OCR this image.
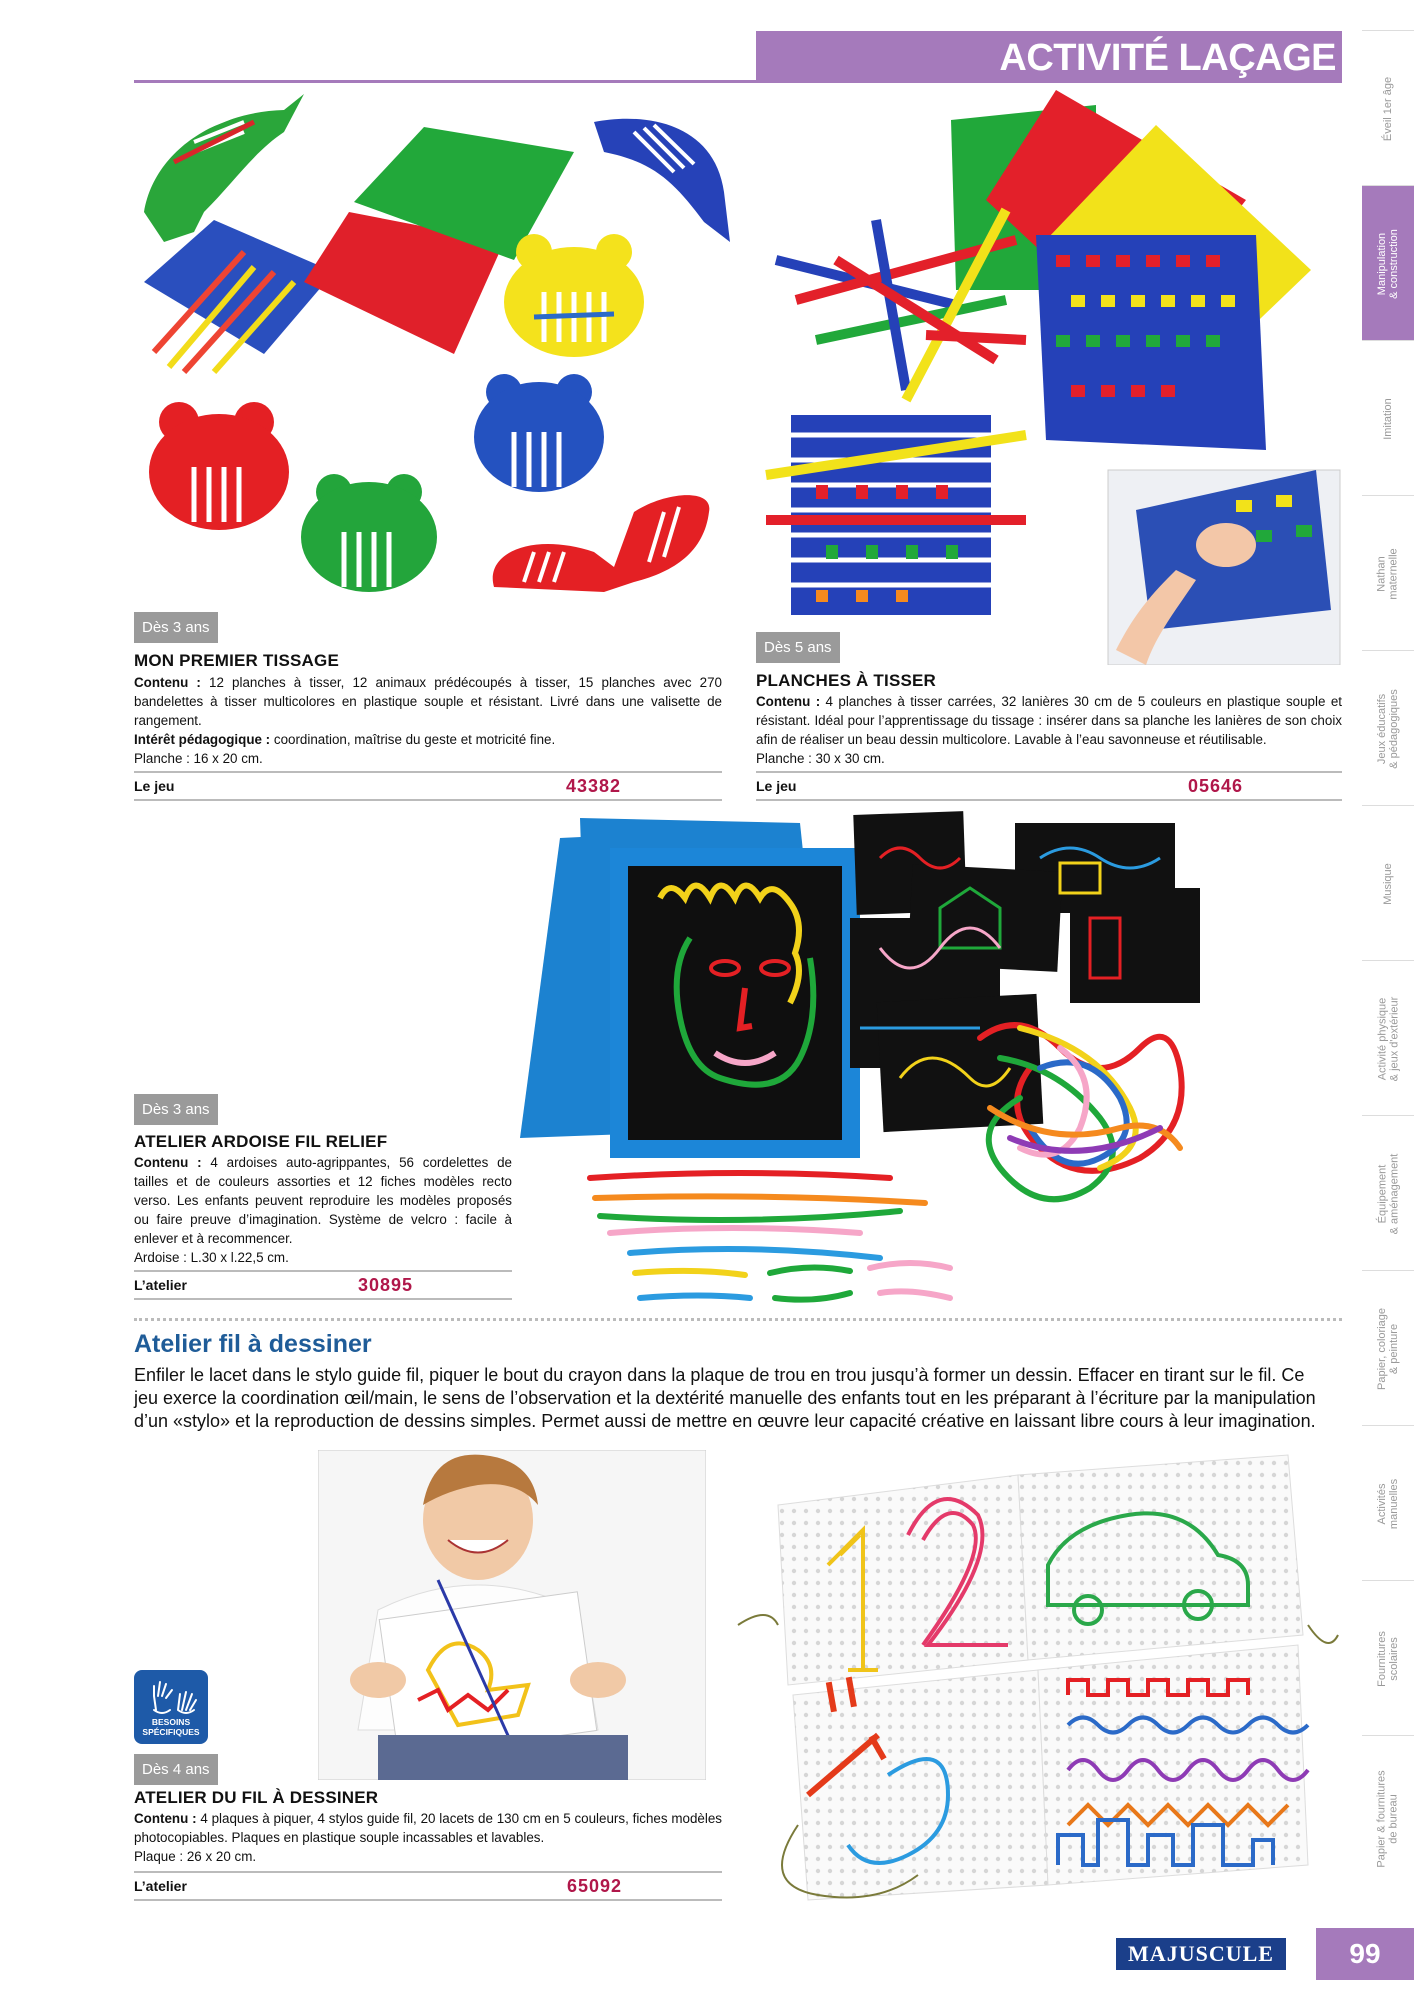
ACTIVITÉ LAÇAGE
Éveil 1er âge
Manipulation
& construction
Imitation
Nathan
maternelle
Jeux éducatifs
& pédagogiques
Musique
Activité physique
& jeux d'extérieur
Équipement
& aménagement
Papier, coloriage
& peinture
Activités
manuelles
Fournitures
scolaires
Papier & fournitures
de bureau
Dès 3 ans
MON PREMIER TISSAGE
Contenu : 12 planches à tisser, 12 animaux prédécoupés à tisser, 15 planches avec 270 bandelettes à tisser multicolores en plastique souple et résistant. Livré dans une valisette de rangement.
Intérêt pédagogique : coordination, maîtrise du geste et motricité fine.
Planche : 16 x 20 cm.
Le jeu	43382
Dès 5 ans
PLANCHES À TISSER
Contenu : 4 planches à tisser carrées, 32 lanières 30 cm de 5 couleurs en plastique souple et résistant. Idéal pour l’apprentissage du tissage : insérer dans sa planche les lanières de son choix afin de réaliser un beau dessin multicolore. Lavable à l’eau savonneuse et réutilisable.
Planche : 30 x 30 cm.
Le jeu	05646
Dès 3 ans
ATELIER ARDOISE FIL RELIEF
Contenu : 4 ardoises auto-agrippantes, 56 cordelettes de tailles et de couleurs assorties et 12 fiches modèles recto verso. Les enfants peuvent reproduire les modèles proposés ou faire preuve d’imagination. Système de velcro : facile à enlever et à recommencer.
Ardoise : L.30 x l.22,5 cm.
L’atelier	30895
Atelier fil à dessiner
Enfiler le lacet dans le stylo guide fil, piquer le bout du crayon dans la plaque de trou en trou jusqu’à former un dessin. Effacer en tirant sur le fil. Ce jeu exerce la coordination œil/main, le sens de l’observation et la dextérité manuelle des enfants tout en les préparant à l’écriture par la manipulation d’un «stylo» et la reproduction de dessins simples. Permet aussi de mettre en œuvre leur capacité créative en laissant libre cours à leur imagination.
BESOINS
SPÉCIFIQUES
Dès 4 ans
ATELIER DU FIL À DESSINER
Contenu : 4 plaques à piquer, 4 stylos guide fil, 20 lacets de 130 cm en 5 couleurs, fiches modèles photocopiables. Plaques en plastique souple incassables et lavables.
Plaque : 26 x 20 cm.
L’atelier	65092
MAJUSCULE	99
